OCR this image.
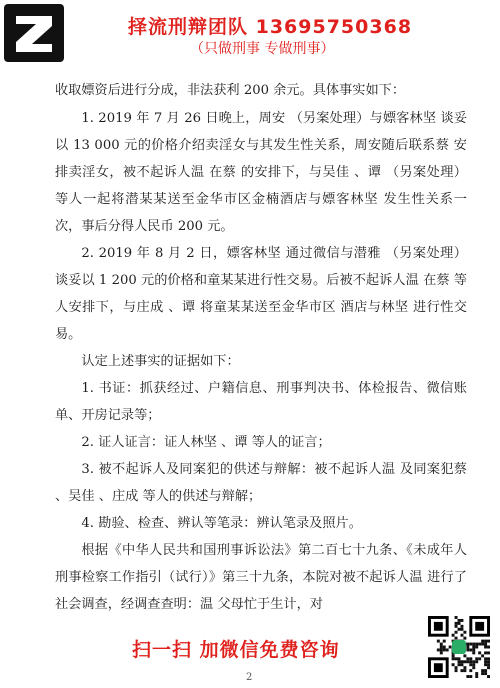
择流刑辩团队 13695750368
（只做刑事 专做刑事）
收取嫖资后进行分成，非法获利 200 余元。具体事实如下：
1. 2019 年 7 月 26 日晚上，周安 （另案处理）与嫖客林坚 谈妥以 13 000 元的价格介绍卖淫女与其发生性关系，周安随后联系蔡 安排卖淫女，被不起诉人温 在蔡 的安排下，与吴佳 、谭 （另案处理）等人一起将潜某某送至金华市区金楠酒店与嫖客林坚 发生性关系一次，事后分得人民币 200 元。
2. 2019 年 8 月 2 日，嫖客林坚 通过微信与潜雅 （另案处理）谈妥以 1 200 元的价格和童某某进行性交易。后被不起诉人温 在蔡 等人安排下，与庄成 、谭 将童某某送至金华市区 酒店与林坚 进行性交易。
认定上述事实的证据如下：
1. 书证：抓获经过、户籍信息、刑事判决书、体检报告、微信账单、开房记录等；
2. 证人证言：证人林坚 、谭 等人的证言；
3. 被不起诉人及同案犯的供述与辩解：被不起诉人温 及同案犯蔡 、吴佳 、庄成 等人的供述与辩解；
4. 勘验、检查、辨认等笔录：辨认笔录及照片。
根据《中华人民共和国刑事诉讼法》第二百七十九条、《未成年人刑事检察工作指引（试行）》第三十九条，本院对被不起诉人温 进行了社会调查，经调查查明：温 父母忙于生计，对
扫一扫 加微信免费咨询
2
